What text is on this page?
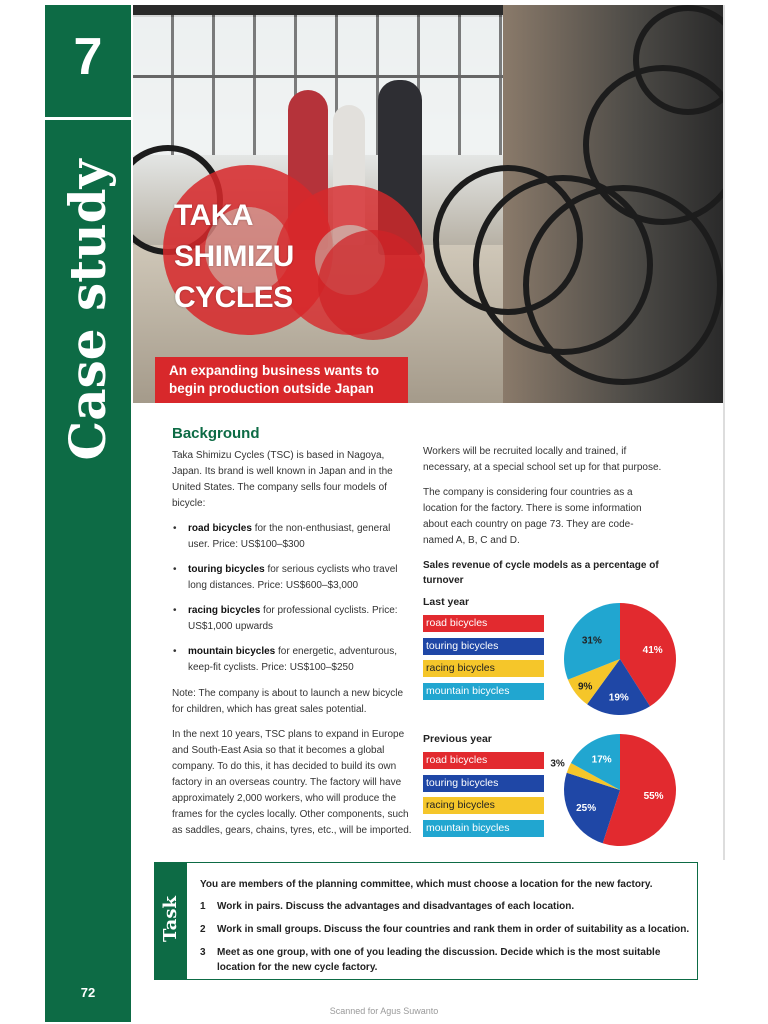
7
Case study
72
TAKA
SHIMIZU
CYCLES
An expanding business wants to
begin production outside Japan
Background

Taka Shimizu Cycles (TSC) is based in Nagoya, Japan. Its brand is well known in Japan and in the United States. The company sells four models of bicycle:

• road bicycles for the non-enthusiast, general user. Price: US$100–$300
• touring bicycles for serious cyclists who travel long distances. Price: US$600–$3,000
• racing bicycles for professional cyclists. Price: US$1,000 upwards
• mountain bicycles for energetic, adventurous, keep-fit cyclists. Price: US$100–$250

Note: The company is about to launch a new bicycle for children, which has great sales potential.

In the next 10 years, TSC plans to expand in Europe and South-East Asia so that it becomes a global company. To do this, it has decided to build its own factory in an overseas country. The factory will have approximately 2,000 workers, who will produce the frames for the cycles locally. Other components, such as saddles, gears, chains, tyres, etc., will be imported.

Workers will be recruited locally and trained, if necessary, at a special school set up for that purpose.

The company is considering four countries as a location for the factory. There is some information about each country on page 73. They are code-named A, B, C and D.

Sales revenue of cycle models as a percentage of turnover
Last year
road bicycles
touring bicycles
racing bicycles
mountain bicycles
41%
19%
9%
31%
Previous year
road bicycles
touring bicycles
racing bicycles
mountain bicycles
55%
25%
3%	17%
Task
You are members of the planning committee, which must choose a location for the new factory.
1 Work in pairs. Discuss the advantages and disadvantages of each location.
2 Work in small groups. Discuss the four countries and rank them in order of suitability as a location.
3 Meet as one group, with one of you leading the discussion. Decide which is the most suitable location for the new cycle factory.
Scanned for Agus Suwanto
